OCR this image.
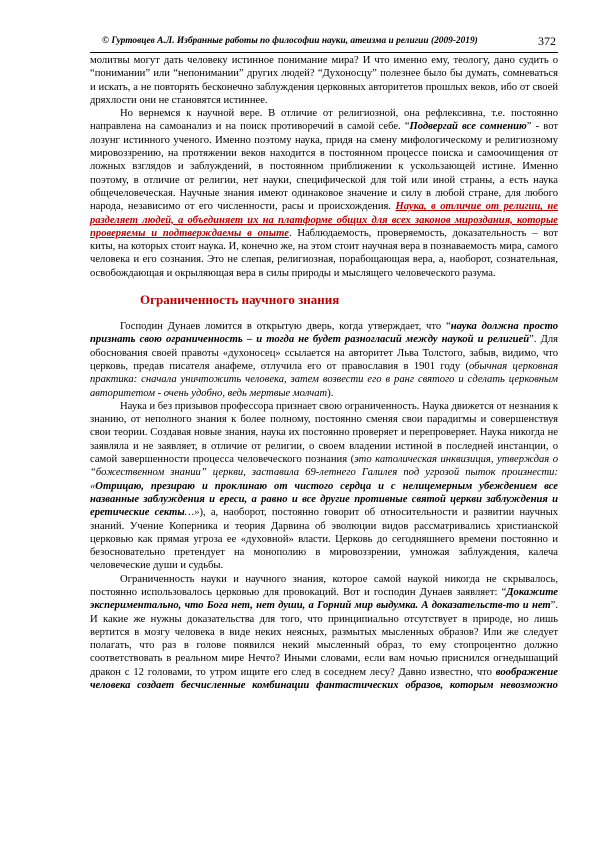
© Гуртовцев А.Л. Избранные работы по философии науки, атеизма и религии (2009-2019)	372

молитвы могут дать человеку истинное понимание мира? И что именно ему, теологу, дано судить о “понимании” или “непонимании” других людей? “Духоносцу” полезнее было бы думать, сомневаться и искать, а не повторять бесконечно заблуждения церковных авторитетов прошлых веков, ибо от своей дряхлости они не становятся истиннее.

Но вернемся к научной вере. В отличие от религиозной, она рефлексивна, т.е. постоянно направлена на самоанализ и на поиск противоречий в самой себе. “Подвергай все сомнению” - вот лозунг истинного ученого. Именно поэтому наука, придя на смену мифологическому и религиозному мировоззрению, на протяжении веков находится в постоянном процессе поиска и самоочищения от ложных взглядов и заблуждений, в постоянном приближении к ускользающей истине. Именно поэтому, в отличие от религии, нет науки, специфической для той или иной страны, а есть наука общечеловеческая. Научные знания имеют одинаковое значение и силу в любой стране, для любого народа, независимо от его численности, расы и происхождения. Наука, в отличие от религии, не разделяет людей, а объединяет их на платформе общих для всех законов мироздания, которые проверяемы и подтверждаемы в опыте. Наблюдаемость, проверяемость, доказательность – вот киты, на которых стоит наука. И, конечно же, на этом стоит научная вера в познаваемость мира, самого человека и его сознания. Это не слепая, религиозная, порабощающая вера, а, наоборот, сознательная, освобождающая и окрыляющая вера в силы природы и мыслящего человеческого разума.

Ограниченность научного знания

Господин Дунаев ломится в открытую дверь, когда утверждает, что “наука должна просто признать свою ограниченность – и тогда не будет разногласий между наукой и религией”. Для обоснования своей правоты «духоносец» ссылается на авторитет Льва Толстого, забыв, видимо, что церковь, предав писателя анафеме, отлучила его от православия в 1901 году (обычная церковная практика: сначала уничтожить человека, затем возвести его в ранг святого и сделать церковным авторитетом - очень удобно, ведь мертвые молчат).

Наука и без призывов профессора признает свою ограниченность. Наука движется от незнания к знанию, от неполного знания к более полному, постоянно сменяя свои парадигмы и совершенствуя свои теории. Создавая новые знания, наука их постоянно проверяет и перепроверяет. Наука никогда не заявляла и не заявляет, в отличие от религии, о своем владении истиной в последней инстанции, о самой завершенности процесса человеческого познания (это католическая инквизиция, утверждая о “божественном знании” церкви, заставила 69-летнего Галилея под угрозой пыток произнести: «Отрицаю, презираю и проклинаю от чистого сердца и с нелицемерным убеждением все названные заблуждения и ереси, а равно и все другие противные святой церкви заблуждения и еретические секты…»), а, наоборот, постоянно говорит об относительности и развитии научных знаний. Учение Коперника и теория Дарвина об эволюции видов рассматривались христианской церковью как прямая угроза ее «духовной» власти. Церковь до сегодняшнего времени постоянно и безосновательно претендует на монополию в мировоззрении, умножая заблуждения, калеча человеческие души и судьбы.

Ограниченность науки и научного знания, которое самой наукой никогда не скрывалось, постоянно использовалось церковью для провокаций. Вот и господин Дунаев заявляет: “Докажите экспериментально, что Бога нет, нет души, а Горний мир выдумка. А доказательств-то и нет”. И какие же нужны доказательства для того, что принципиально отсутствует в природе, но лишь вертится в мозгу человека в виде неких неясных, размытых мысленных образов? Или же следует полагать, что раз в голове появился некий мысленный образ, то ему стопроцентно должно соответствовать в реальном мире Нечто? Иными словами, если вам ночью приснился огнедышащий дракон с 12 головами, то утром ищите его след в соседнем лесу? Давно известно, что воображение человека создает бесчисленные комбинации фантастических образов, которым невозможно
